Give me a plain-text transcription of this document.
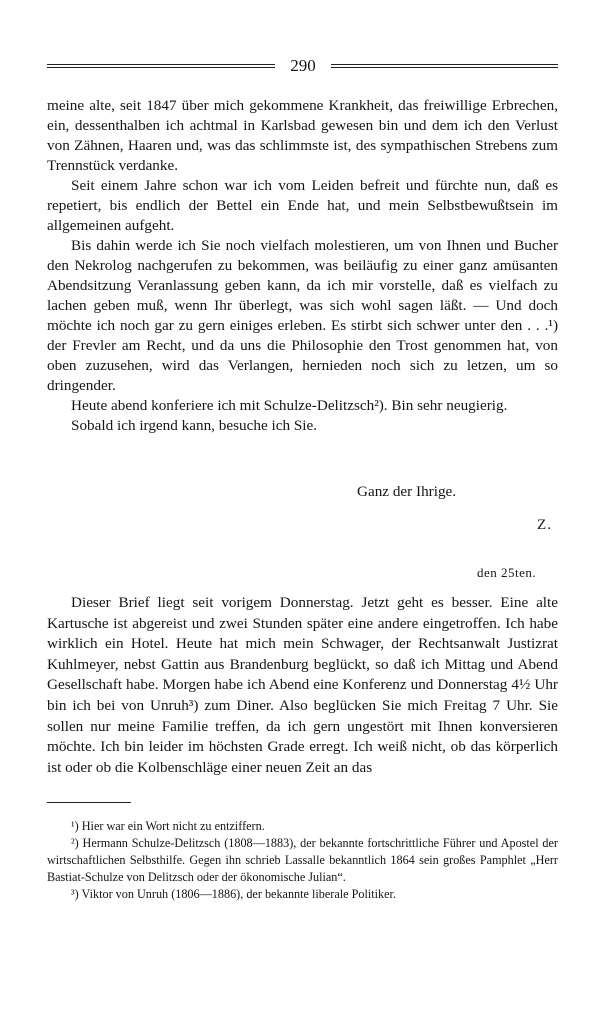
290

meine alte, seit 1847 über mich gekommene Krankheit, das freiwillige Erbrechen, ein, dessenthalben ich achtmal in Karlsbad gewesen bin und dem ich den Verlust von Zähnen, Haaren und, was das schlimmste ist, des sympathischen Strebens zum Trennstück verdanke.

Seit einem Jahre schon war ich vom Leiden befreit und fürchte nun, daß es repetiert, bis endlich der Bettel ein Ende hat, und mein Selbstbewußtsein im allgemeinen aufgeht.

Bis dahin werde ich Sie noch vielfach molestieren, um von Ihnen und Bucher den Nekrolog nachgerufen zu bekommen, was beiläufig zu einer ganz amüsanten Abendsitzung Veranlassung geben kann, da ich mir vorstelle, daß es vielfach zu lachen geben muß, wenn Ihr überlegt, was sich wohl sagen läßt. — Und doch möchte ich noch gar zu gern einiges erleben. Es stirbt sich schwer unter den . . .¹) der Frevler am Recht, und da uns die Philosophie den Trost genommen hat, von oben zuzusehen, wird das Verlangen, hernieden noch sich zu letzen, um so dringender.

Heute abend konferiere ich mit Schulze-Delitzsch²). Bin sehr neugierig.

Sobald ich irgend kann, besuche ich Sie.

Ganz der Ihrige.
Z.
den 25ten.

Dieser Brief liegt seit vorigem Donnerstag. Jetzt geht es besser. Eine alte Kartusche ist abgereist und zwei Stunden später eine andere eingetroffen. Ich habe wirklich ein Hotel. Heute hat mich mein Schwager, der Rechtsanwalt Justizrat Kuhlmeyer, nebst Gattin aus Brandenburg beglückt, so daß ich Mittag und Abend Gesellschaft habe. Morgen habe ich Abend eine Konferenz und Donnerstag 4½ Uhr bin ich bei von Unruh³) zum Diner. Also beglücken Sie mich Freitag 7 Uhr. Sie sollen nur meine Familie treffen, da ich gern ungestört mit Ihnen konversieren möchte. Ich bin leider im höchsten Grade erregt. Ich weiß nicht, ob das körperlich ist oder ob die Kolbenschläge einer neuen Zeit an das

¹) Hier war ein Wort nicht zu entziffern.

²) Hermann Schulze-Delitzsch (1808—1883), der bekannte fortschrittliche Führer und Apostel der wirtschaftlichen Selbsthilfe. Gegen ihn schrieb Lassalle bekanntlich 1864 sein großes Pamphlet „Herr Bastiat-Schulze von Delitzsch oder der ökonomische Julian“.

³) Viktor von Unruh (1806—1886), der bekannte liberale Politiker.
